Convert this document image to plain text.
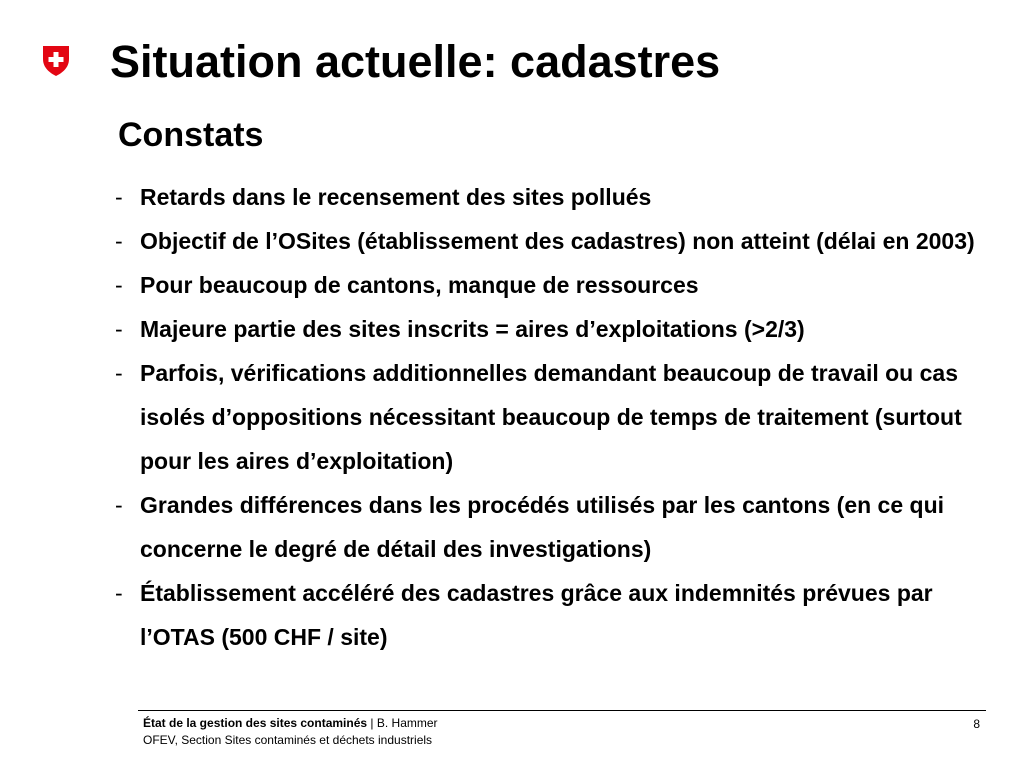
Situation actuelle: cadastres
Constats
- Retards dans le recensement des sites pollués
- Objectif de l’OSites (établissement des cadastres) non atteint (délai en 2003)
- Pour beaucoup de cantons, manque de ressources
- Majeure partie des sites inscrits = aires d’exploitations (>2/3)
- Parfois, vérifications additionnelles demandant beaucoup de travail ou cas isolés d’oppositions nécessitant beaucoup de temps de traitement (surtout pour les aires d’exploitation)
- Grandes différences dans les procédés utilisés par les cantons (en ce qui concerne le degré de détail des investigations)
- Établissement accéléré des cadastres grâce aux indemnités prévues par l’OTAS (500 CHF / site)
État de la gestion des sites contaminés | B. Hammer
OFEV, Section Sites contaminés et déchets industriels
8
